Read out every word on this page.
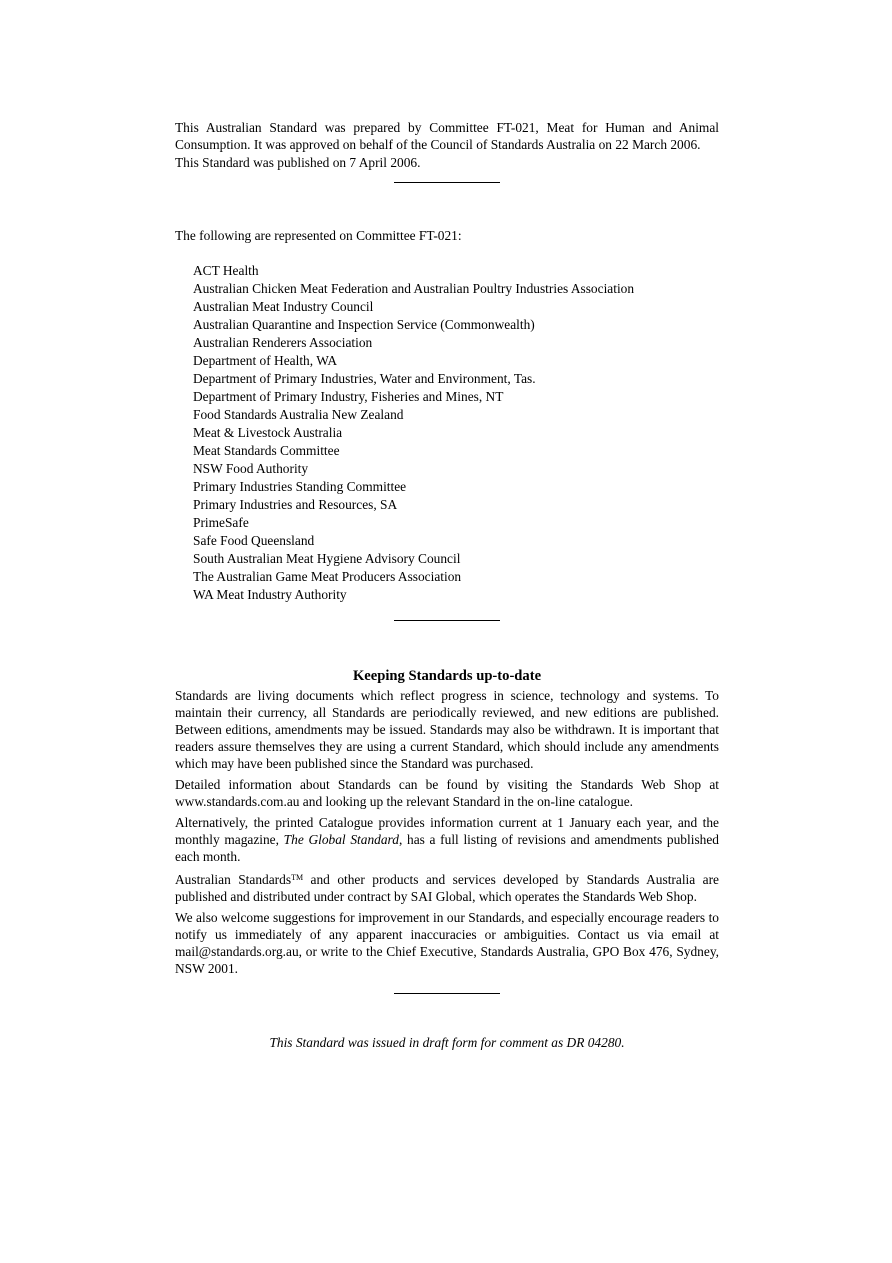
This Australian Standard was prepared by Committee FT-021, Meat for Human and Animal Consumption. It was approved on behalf of the Council of Standards Australia on 22 March 2006.

This Standard was published on 7 April 2006.

The following are represented on Committee FT-021:

ACT Health
Australian Chicken Meat Federation and Australian Poultry Industries Association
Australian Meat Industry Council
Australian Quarantine and Inspection Service (Commonwealth)
Australian Renderers Association
Department of Health, WA
Department of Primary Industries, Water and Environment, Tas.
Department of Primary Industry, Fisheries and Mines, NT
Food Standards Australia New Zealand
Meat & Livestock Australia
Meat Standards Committee
NSW Food Authority
Primary Industries Standing Committee
Primary Industries and Resources, SA
PrimeSafe
Safe Food Queensland
South Australian Meat Hygiene Advisory Council
The Australian Game Meat Producers Association
WA Meat Industry Authority
Keeping Standards up-to-date

Standards are living documents which reflect progress in science, technology and systems. To maintain their currency, all Standards are periodically reviewed, and new editions are published. Between editions, amendments may be issued. Standards may also be withdrawn. It is important that readers assure themselves they are using a current Standard, which should include any amendments which may have been published since the Standard was purchased.

Detailed information about Standards can be found by visiting the Standards Web Shop at www.standards.com.au and looking up the relevant Standard in the on-line catalogue.

Alternatively, the printed Catalogue provides information current at 1 January each year, and the monthly magazine, The Global Standard, has a full listing of revisions and amendments published each month.

Australian Standards™ and other products and services developed by Standards Australia are published and distributed under contract by SAI Global, which operates the Standards Web Shop.

We also welcome suggestions for improvement in our Standards, and especially encourage readers to notify us immediately of any apparent inaccuracies or ambiguities. Contact us via email at mail@standards.org.au, or write to the Chief Executive, Standards Australia, GPO Box 476, Sydney, NSW 2001.

This Standard was issued in draft form for comment as DR 04280.
